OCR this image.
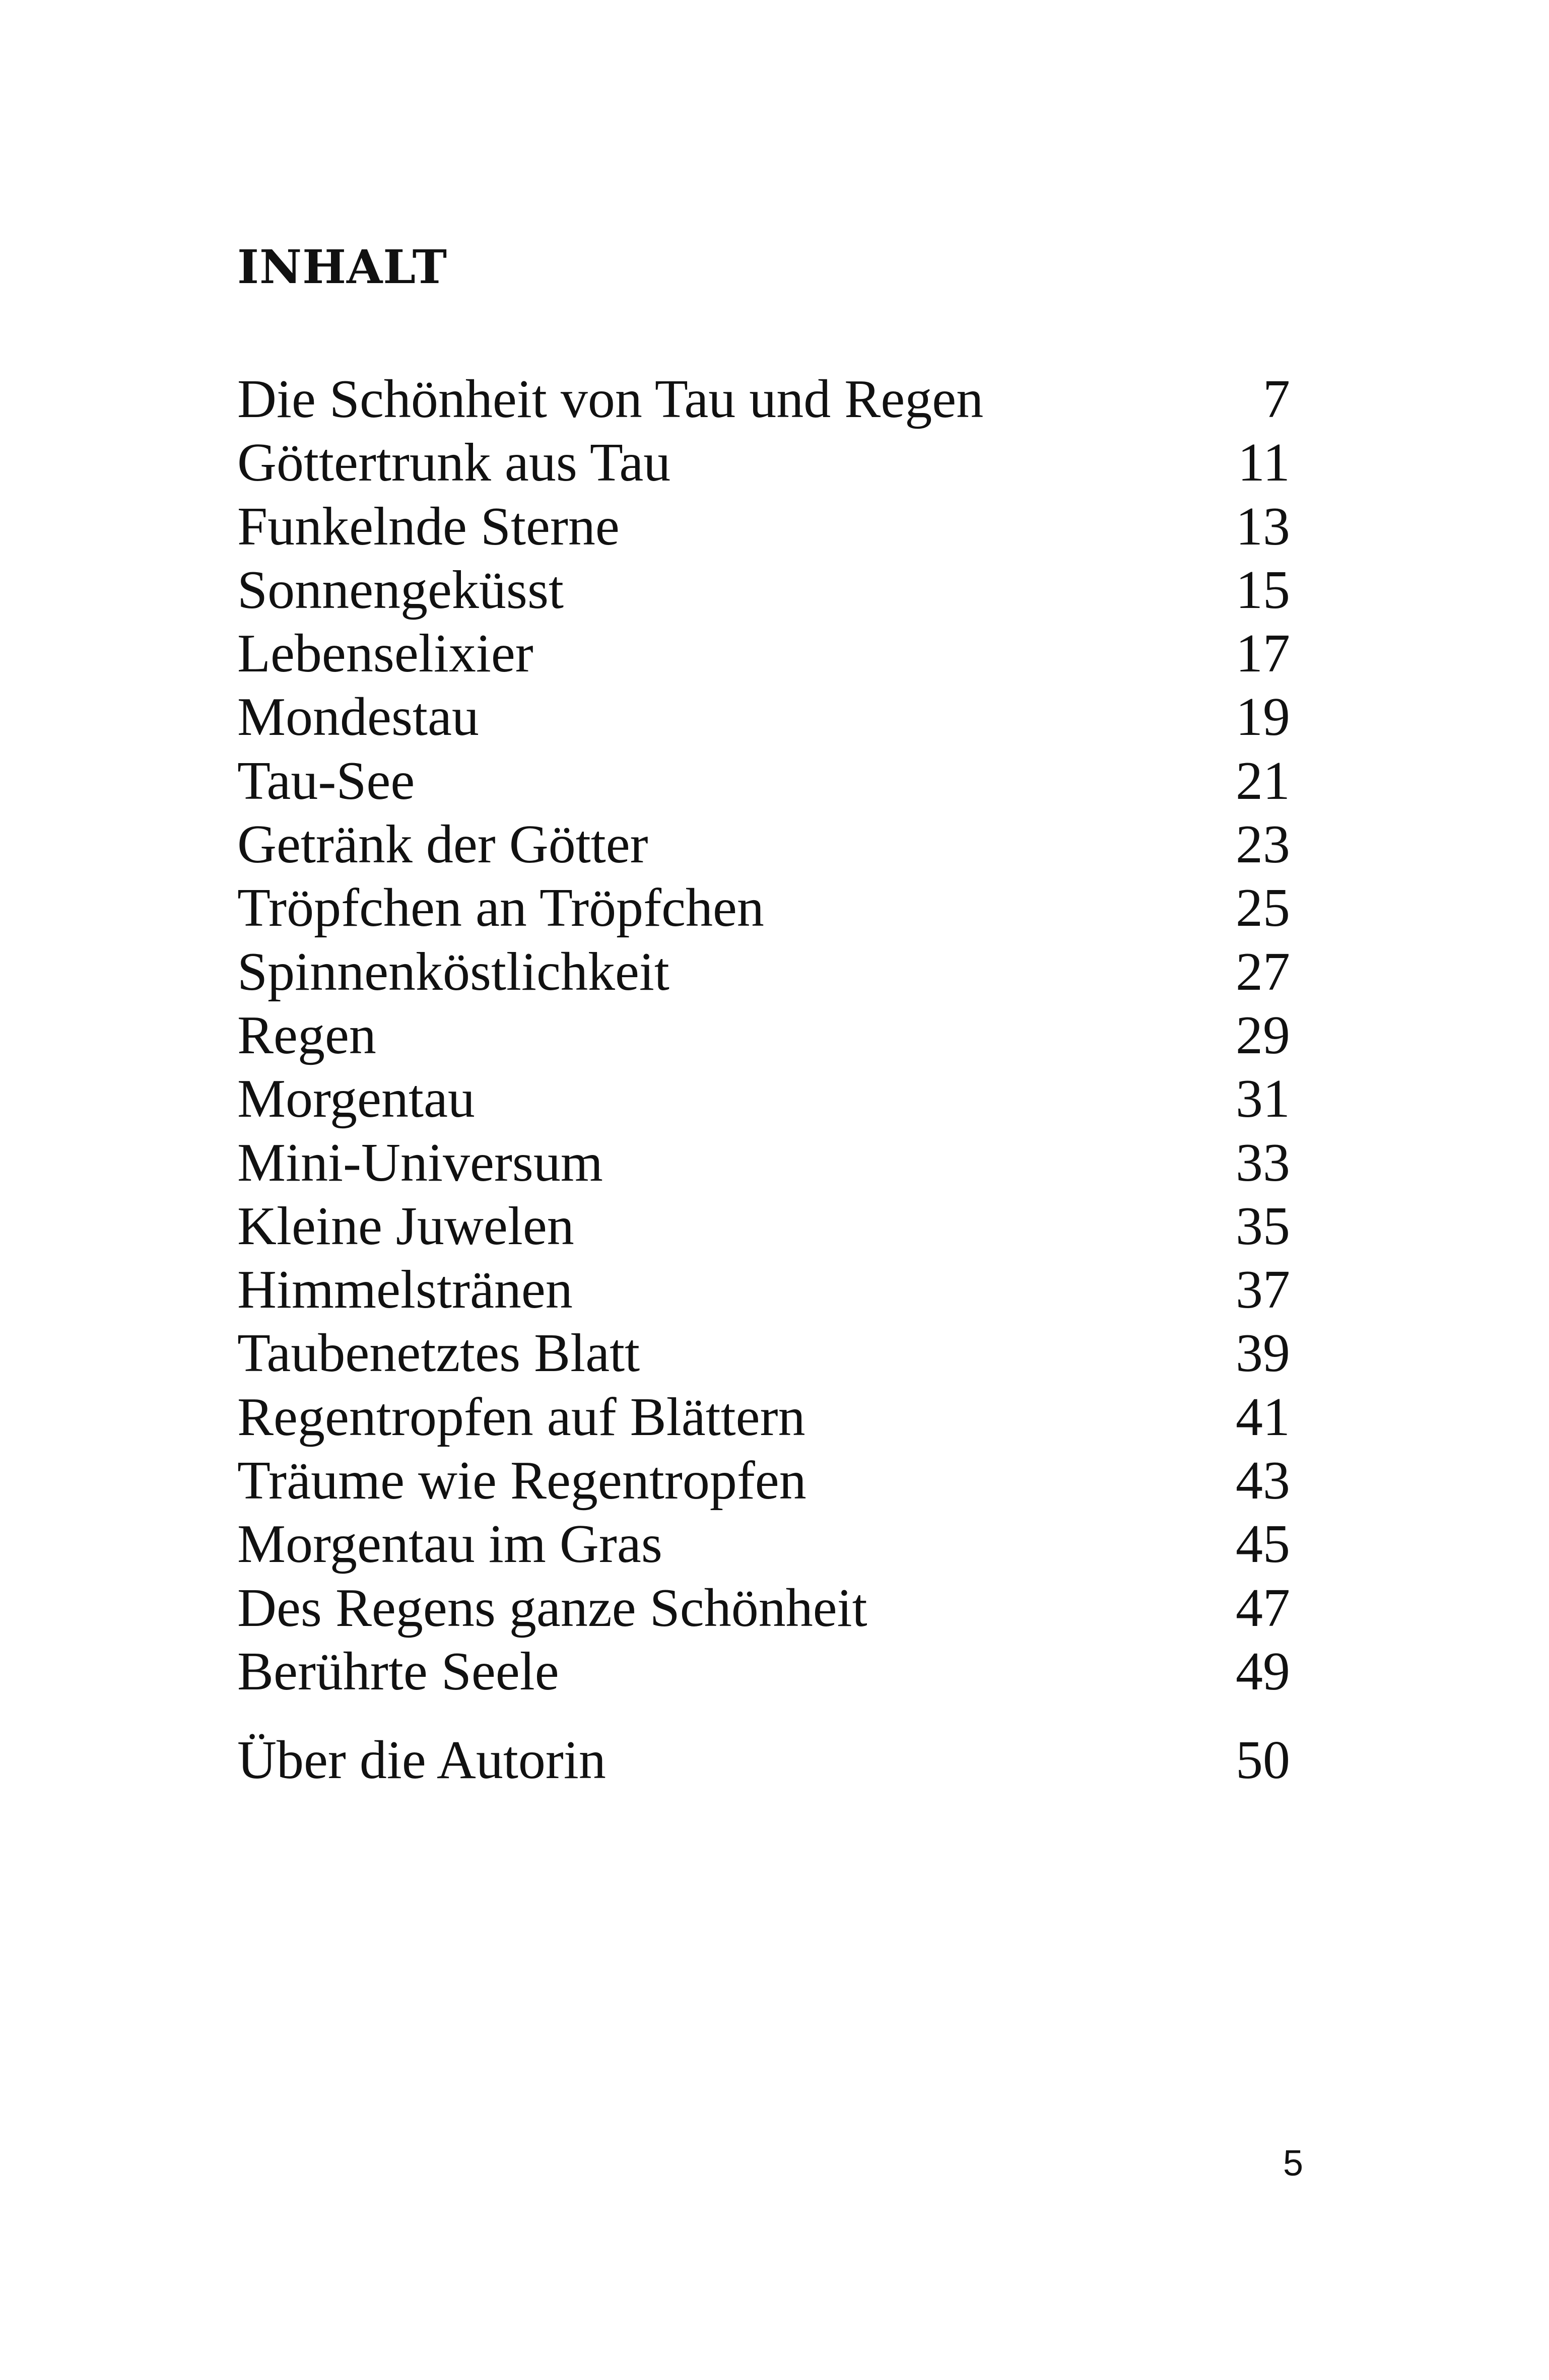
INHALT
Die Schönheit von Tau und Regen	7
Göttertrunk aus Tau	11
Funkelnde Sterne	13
Sonnengeküsst	15
Lebenselixier	17
Mondestau	19
Tau-See	21
Getränk der Götter	23
Tröpfchen an Tröpfchen	25
Spinnenköstlichkeit	27
Regen	29
Morgentau	31
Mini-Universum	33
Kleine Juwelen	35
Himmelstränen	37
Taubenetztes Blatt	39
Regentropfen auf Blättern	41
Träume wie Regentropfen	43
Morgentau im Gras	45
Des Regens ganze Schönheit	47
Berührte Seele	49
Über die Autorin	50
5
